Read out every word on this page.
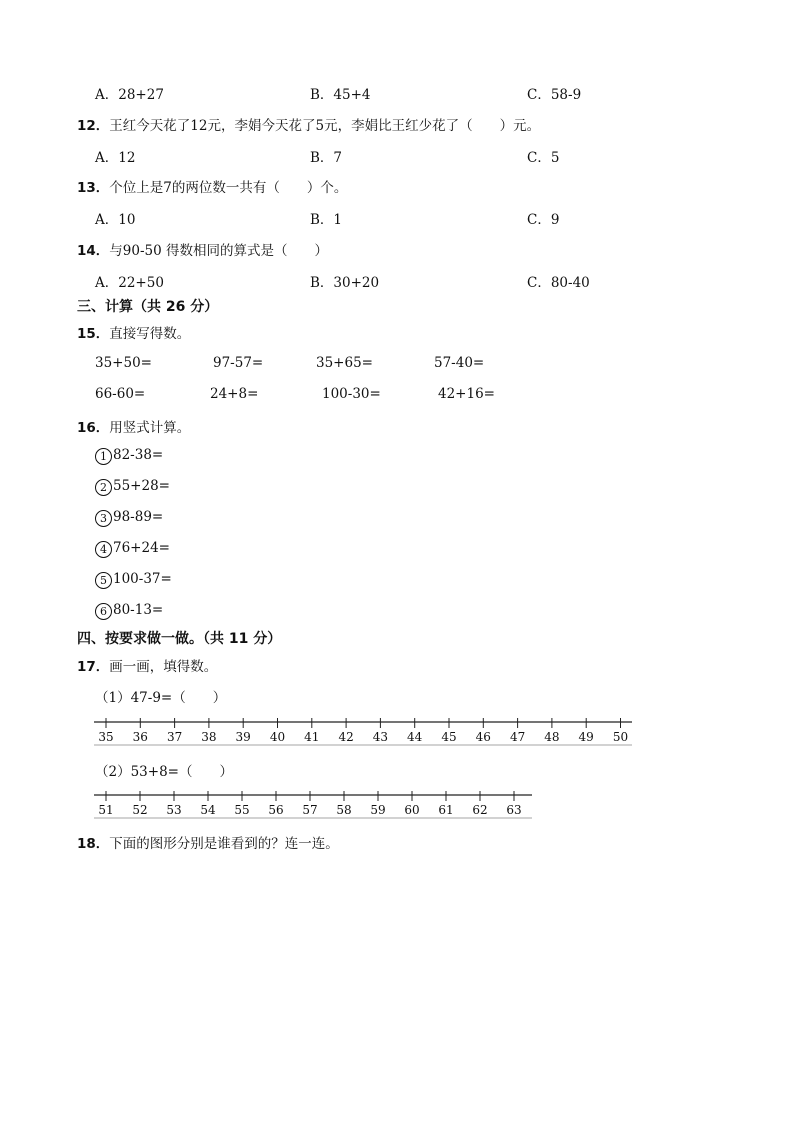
A．28+27	B．45+4	C．58-9
12．王红今天花了12元，李娟今天花了5元，李娟比王红少花了（　　）元。
A．12	B．7	C．5
13．个位上是7的两位数一共有（　　）个。
A．10	B．1	C．9
14．与90-50 得数相同的算式是（　　）
A．22+50	B．30+20	C．80-40
三、计算（共 26 分）
15．直接写得数。
35+50=	97-57=	35+65=	57-40=
66-60=	24+8=	100-30=	42+16=
16．用竖式计算。
1 82-38=
2 55+28=
3 98-89=
4 76+24=
5 100-37=
6 80-13=
四、按要求做一做。（共 11 分）
17．画一画，填得数。
（1）47-9=（　　）
35 36 37 38 39 40 41 42 43 44 45 46 47 48 49 50
（2）53+8=（　　）
51 52 53 54 55 56 57 58 59 60 61 62 63
18．下面的图形分别是谁看到的？连一连。
